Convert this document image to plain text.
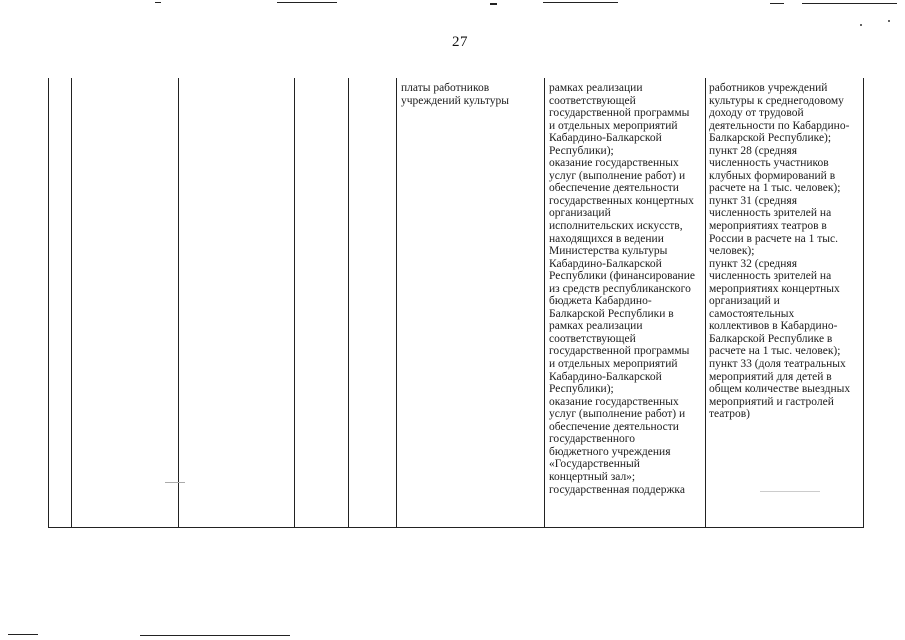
27
платы работников
учреждений культуры
рамках реализации
соответствующей
государственной программы
и отдельных мероприятий
Кабардино-Балкарской
Республики);
оказание государственных
услуг (выполнение работ) и
обеспечение деятельности
государственных концертных
организаций
исполнительских искусств,
находящихся в ведении
Министерства культуры
Кабардино-Балкарской
Республики (финансирование
из средств республиканского
бюджета Кабардино-
Балкарской Республики в
рамках реализации
соответствующей
государственной программы
и отдельных мероприятий
Кабардино-Балкарской
Республики);
оказание государственных
услуг (выполнение работ) и
обеспечение деятельности
государственного
бюджетного учреждения
«Государственный
концертный зал»;
государственная поддержка
работников учреждений
культуры к среднегодовому
доходу от трудовой
деятельности по Кабардино-
Балкарской Республике);
пункт 28 (средняя
численность участников
клубных формирований в
расчете на 1 тыс. человек);
пункт 31 (средняя
численность зрителей на
мероприятиях театров в
России в расчете на 1 тыс.
человек);
пункт 32 (средняя
численность зрителей на
мероприятиях концертных
организаций и
самостоятельных
коллективов в Кабардино-
Балкарской Республике в
расчете на 1 тыс. человек);
пункт 33 (доля театральных
мероприятий для детей в
общем количестве выездных
мероприятий и гастролей
театров)
